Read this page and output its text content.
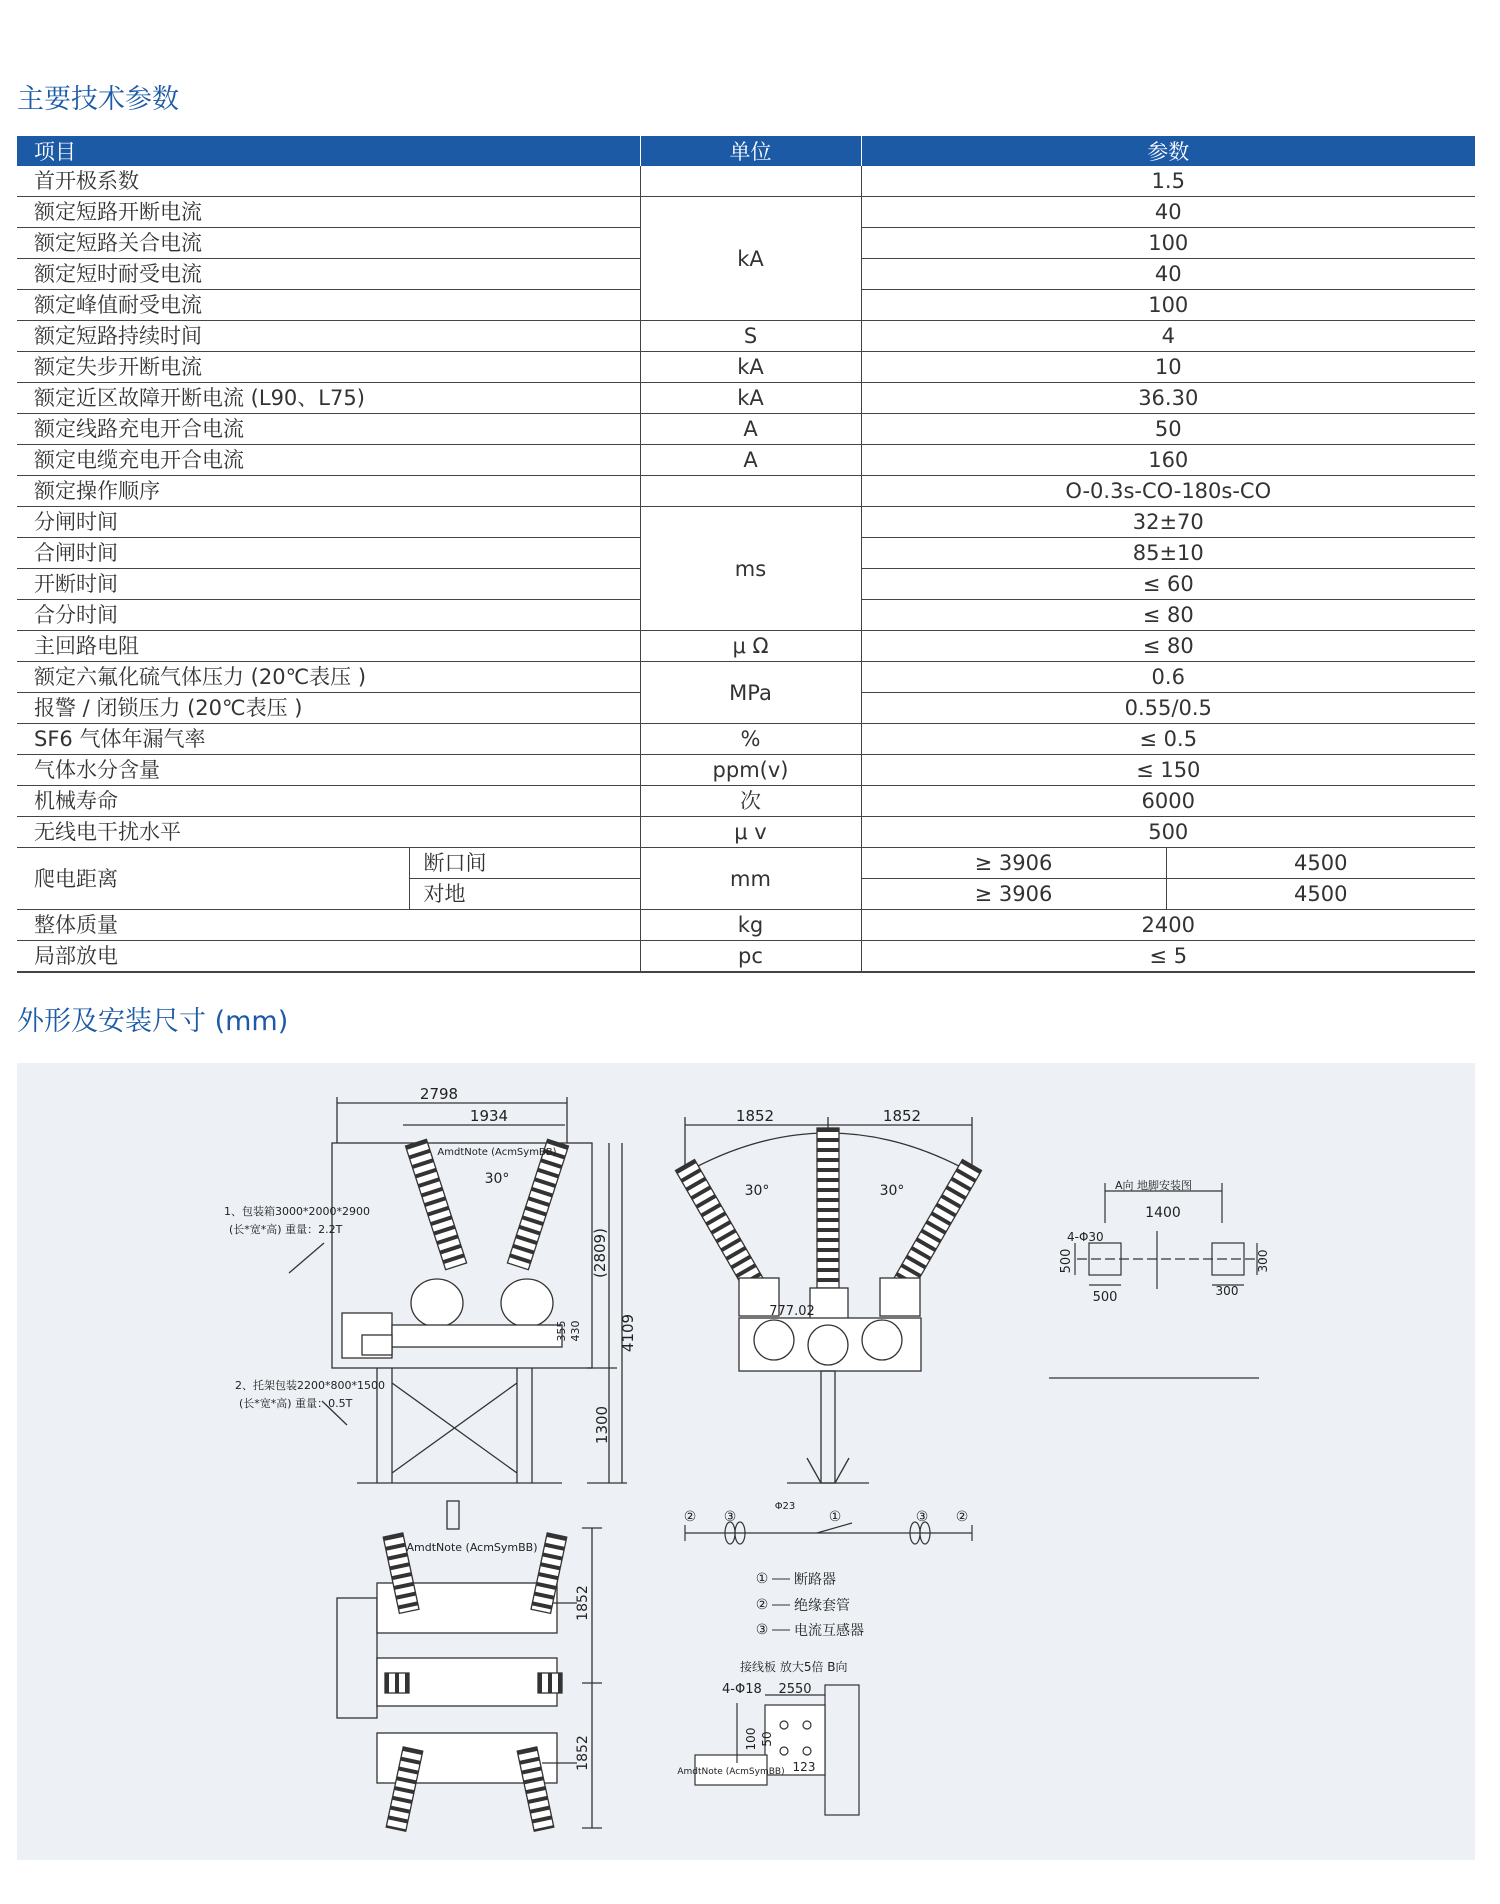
主要技术参数
项目		单位	参数	
首开极系数			1.5	
额定短路开断电流		kA	40	
额定短路关合电流			100	
额定短时耐受电流			40	
额定峰值耐受电流			100	
额定短路持续时间		S	4	
额定失步开断电流		kA	10	
额定近区故障开断电流 (L90、L75)		kA	36.30	
额定线路充电开合电流		A	50	
额定电缆充电开合电流		A	160	
额定操作顺序			O-0.3s-CO-180s-CO	
分闸时间		ms	32±70	
合闸时间			85±10	
开断时间			≤ 60	
合分时间			≤ 80	
主回路电阻		μ Ω	≤ 80	
额定六氟化硫气体压力 (20℃表压 )		MPa	0.6	
报警 / 闭锁压力 (20℃表压 )			0.55/0.5	
SF6 气体年漏气率		%	≤ 0.5	
气体水分含量		ppm(v)	≤ 150	
机械寿命		次	6000	
无线电干扰水平		μ v	500	
爬电距离	断口间	mm	≥ 3906	4500
	对地		≥ 3906	4500
整体质量		kg	2400	
局部放电		pc	≤ 5	
外形及安装尺寸 (mm)
2798
1934
30°
AmdtNote (AcmSymBB)
4109
(2809)
1300
355 430
1、包装箱3000*2000*2900
(长*宽*高) 重量：2.2T
2、托架包装2200*800*1500
(长*宽*高) 重量：0.5T
1852	1852
30°	30°
777.02
A向 地脚安装图
1400
4-Φ30
500
500
300
300
AmdtNote (AcmSymBB)
1852
1852
② ③	①	③ ②
Φ23
① 断路器
② 绝缘套管
③ 电流互感器
接线板 放大5倍 B向
4-Φ18 2550
100 50
123
AmdtNote (AcmSymBB)
